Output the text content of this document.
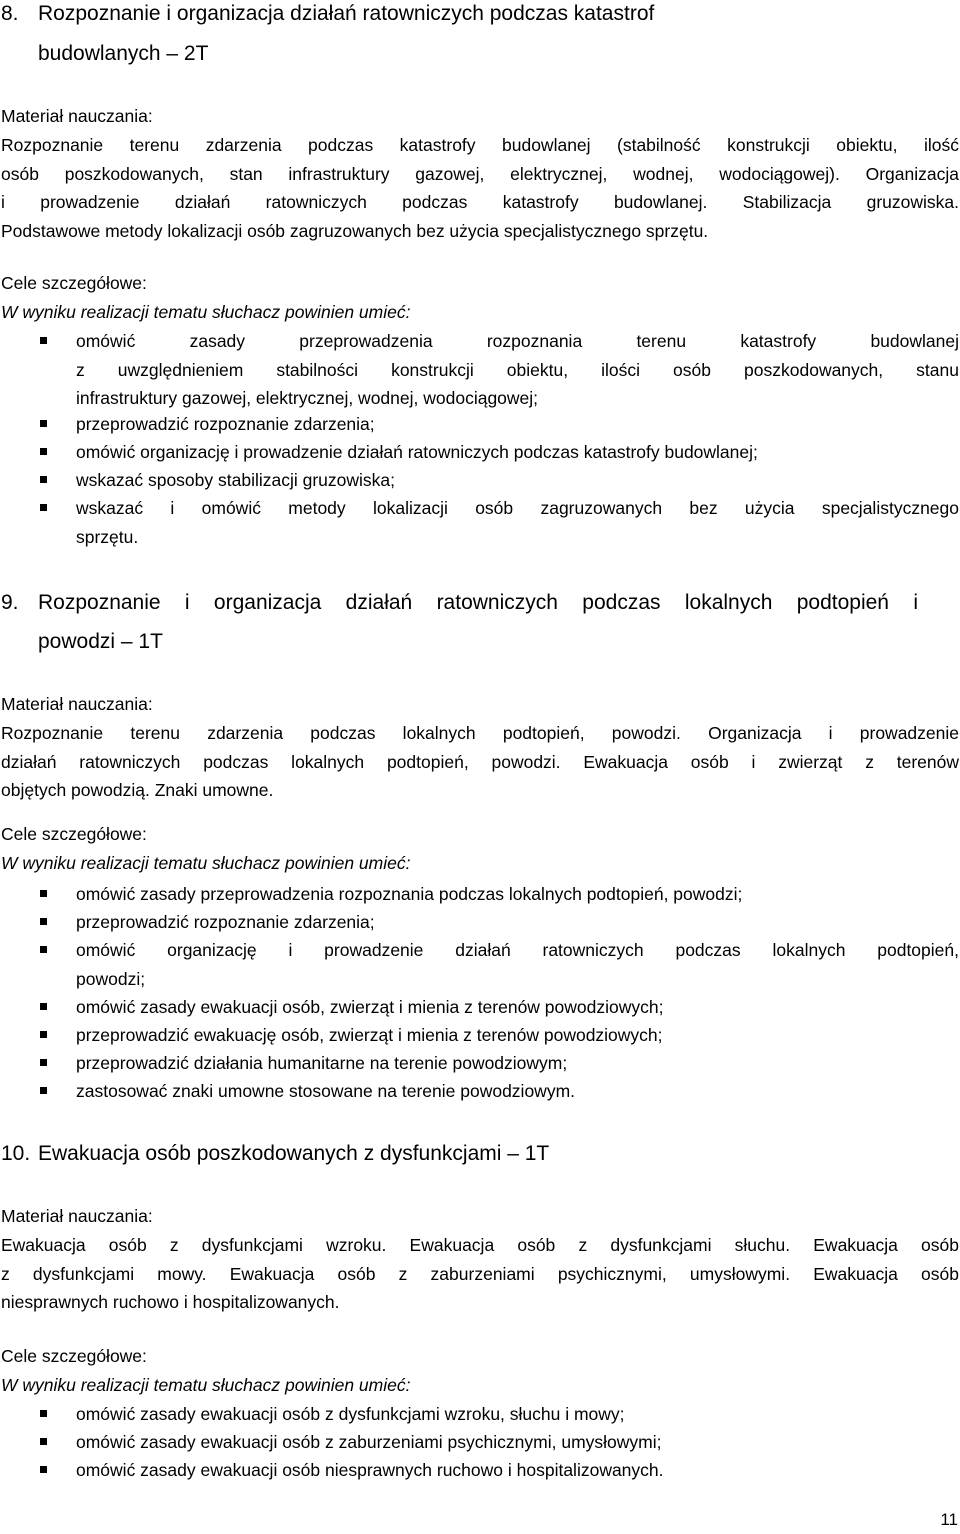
8. Rozpoznanie i organizacja działań ratowniczych podczas katastrof
budowlanych – 2T
Materiał nauczania:
Rozpoznanie terenu zdarzenia podczas katastrofy budowlanej (stabilność konstrukcji obiektu, ilość
osób poszkodowanych, stan infrastruktury gazowej, elektrycznej, wodnej, wodociągowej). Organizacja
i prowadzenie działań ratowniczych podczas katastrofy budowlanej. Stabilizacja gruzowiska.
Podstawowe metody lokalizacji osób zagruzowanych bez użycia specjalistycznego sprzętu.
Cele szczegółowe:
W wyniku realizacji tematu słuchacz powinien umieć:
omówić zasady przeprowadzenia rozpoznania terenu katastrofy budowlanej
z uwzględnieniem stabilności konstrukcji obiektu, ilości osób poszkodowanych, stanu
infrastruktury gazowej, elektrycznej, wodnej, wodociągowej;
przeprowadzić rozpoznanie zdarzenia;
omówić organizację i prowadzenie działań ratowniczych podczas katastrofy budowlanej;
wskazać sposoby stabilizacji gruzowiska;
wskazać i omówić metody lokalizacji osób zagruzowanych bez użycia specjalistycznego
sprzętu.
9. Rozpoznanie i organizacja działań ratowniczych podczas lokalnych podtopień i
powodzi – 1T
Materiał nauczania:
Rozpoznanie terenu zdarzenia podczas lokalnych podtopień, powodzi. Organizacja i prowadzenie
działań ratowniczych podczas lokalnych podtopień, powodzi. Ewakuacja osób i zwierząt z terenów
objętych powodzią. Znaki umowne.
Cele szczegółowe:
W wyniku realizacji tematu słuchacz powinien umieć:
omówić zasady przeprowadzenia rozpoznania podczas lokalnych podtopień, powodzi;
przeprowadzić rozpoznanie zdarzenia;
omówić organizację i prowadzenie działań ratowniczych podczas lokalnych podtopień,
powodzi;
omówić zasady ewakuacji osób, zwierząt i mienia z terenów powodziowych;
przeprowadzić ewakuację osób, zwierząt i mienia z terenów powodziowych;
przeprowadzić działania humanitarne na terenie powodziowym;
zastosować znaki umowne stosowane na terenie powodziowym.
10. Ewakuacja osób poszkodowanych z dysfunkcjami – 1T
Materiał nauczania:
Ewakuacja osób z dysfunkcjami wzroku. Ewakuacja osób z dysfunkcjami słuchu. Ewakuacja osób
z dysfunkcjami mowy. Ewakuacja osób z zaburzeniami psychicznymi, umysłowymi. Ewakuacja osób
niesprawnych ruchowo i hospitalizowanych.
Cele szczegółowe:
W wyniku realizacji tematu słuchacz powinien umieć:
omówić zasady ewakuacji osób z dysfunkcjami wzroku, słuchu i mowy;
omówić zasady ewakuacji osób z zaburzeniami psychicznymi, umysłowymi;
omówić zasady ewakuacji osób niesprawnych ruchowo i hospitalizowanych.
11
